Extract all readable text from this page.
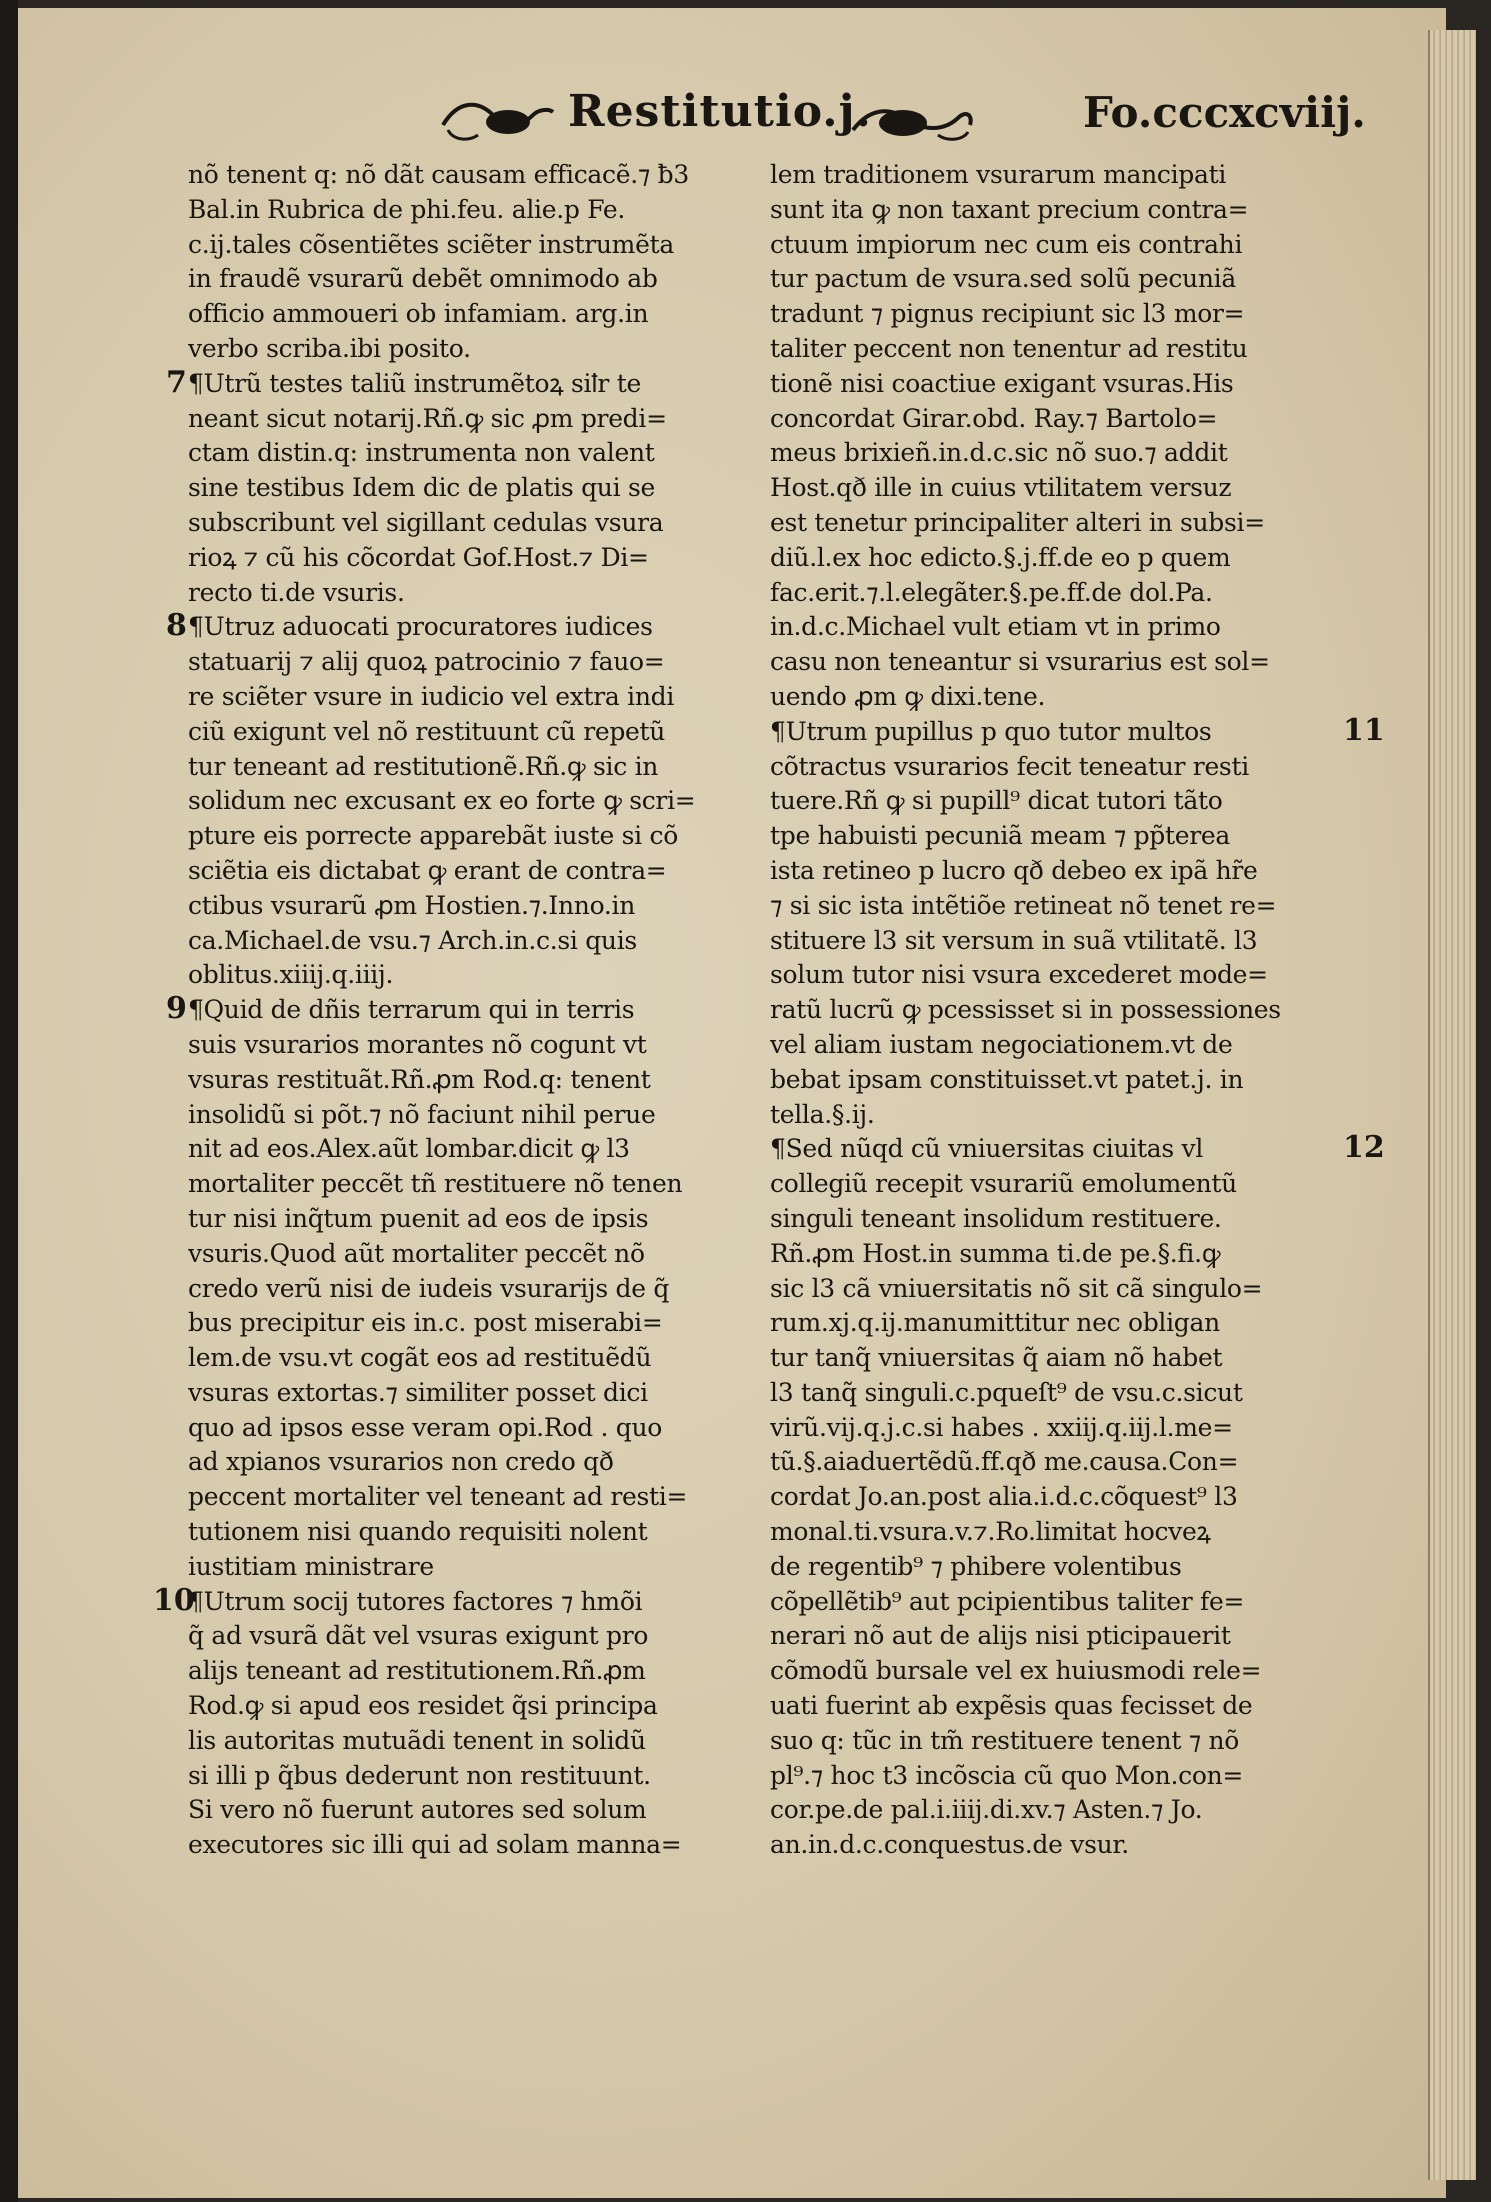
Restitutio.j.	Fo.cccxcviij.
nõ tenent q: nõ dãt causam efficacẽ.⁊ ƀ3
Bal.in Rubrica de phi.feu. alie.p Fe.
c.ij.tales cõsentiẽtes sciẽter instrumẽta
in fraudẽ vsurarũ debẽt omnimodo ab
officio ammoueri ob infamiam. arg.in
verbo scriba.ibi posito.
¶Utrũ testes taliũ instrumẽtoꝝ siꝉr te
neant sicut notarij.Rñ.ꝙ sic ꝓm predi=
ctam distin.q: instrumenta non valent
sine testibus Idem dic de platis qui se
subscribunt vel sigillant cedulas vsura
rioꝝ ⁊ cũ his cõcordat Gof.Host.⁊ Di=
recto ti.de vsuris.
¶Utruz aduocati procuratores iudices
statuarij ⁊ alij quoꝝ patrocinio ⁊ fauo=
re sciẽter vsure in iudicio vel extra indi
ciũ exigunt vel nõ restituunt cũ repetũ
tur teneant ad restitutionẽ.Rñ.ꝙ sic in
solidum nec excusant ex eo forte ꝙ scri=
pture eis porrecte apparebãt iuste si cõ
sciẽtia eis dictabat ꝙ erant de contra=
ctibus vsurarũ ꝓm Hostien.⁊.Inno.in
ca.Michael.de vsu.⁊ Arch.in.c.si quis
oblitus.xiiij.q.iiij.
¶Quid de dñis terrarum qui in terris
suis vsurarios morantes nõ cogunt vt
vsuras restituãt.Rñ.ꝓm Rod.q: tenent
insolidũ si põt.⁊ nõ faciunt nihil perue
nit ad eos.Alex.aũt lombar.dicit ꝙ l3
mortaliter peccẽt tñ restituere nõ tenen
tur nisi inq̃tum puenit ad eos de ipsis
vsuris.Quod aũt mortaliter peccẽt nõ
credo verũ nisi de iudeis vsurarijs de q̃
bus precipitur eis in.c. post miserabi=
lem.de vsu.vt cogãt eos ad restituẽdũ
vsuras extortas.⁊ similiter posset dici
quo ad ipsos esse veram opi.Rod . quo
ad xpianos vsurarios non credo qð
peccent mortaliter vel teneant ad resti=
tutionem nisi quando requisiti nolent
iustitiam ministrare
¶Utrum socij tutores factores ⁊ hmõi
q̃ ad vsurã dãt vel vsuras exigunt pro
alijs teneant ad restitutionem.Rñ.ꝓm
Rod.ꝙ si apud eos residet q̃si principa
lis autoritas mutuãdi tenent in solidũ
si illi p q̃bus dederunt non restituunt.
Si vero nõ fuerunt autores sed solum
executores sic illi qui ad solam manna=
lem traditionem vsurarum mancipati
sunt ita ꝙ non taxant precium contra=
ctuum impiorum nec cum eis contrahi
tur pactum de vsura.sed solũ pecuniã
tradunt ⁊ pignus recipiunt sic l3 mor=
taliter peccent non tenentur ad restitu
tionẽ nisi coactiue exigant vsuras.His
concordat Girar.obd. Ray.⁊ Bartolo=
meus brixieñ.in.d.c.sic nõ suo.⁊ addit
Host.qð ille in cuius vtilitatem versuz
est tenetur principaliter alteri in subsi=
diũ.l.ex hoc edicto.§.j.ff.de eo p quem
fac.erit.⁊.l.elegãter.§.pe.ff.de dol.Pa.
in.d.c.Michael vult etiam vt in primo
casu non teneantur si vsurarius est sol=
uendo ꝓm ꝙ dixi.tene.
¶Utrum pupillus p quo tutor multos
cõtractus vsurarios fecit teneatur resti
tuere.Rñ ꝙ si pupill⁹ dicat tutori tãto
tpe habuisti pecuniã meam ⁊ pp̃terea
ista retineo p lucro qð debeo ex ipã hr̃e
⁊ si sic ista intẽtiõe retineat nõ tenet re=
stituere l3 sit versum in suã vtilitatẽ. l3
solum tutor nisi vsura excederet mode=
ratũ lucrũ ꝙ pcessisset si in possessiones
vel aliam iustam negociationem.vt de
bebat ipsam constituisset.vt patet.j. in
tella.§.ij.
¶Sed nũqd cũ vniuersitas ciuitas vl
collegiũ recepit vsurariũ emolumentũ
singuli teneant insolidum restituere.
Rñ.ꝓm Host.in summa ti.de pe.§.fi.ꝙ
sic l3 cã vniuersitatis nõ sit cã singulo=
rum.xj.q.ij.manumittitur nec obligan
tur tanq̃ vniuersitas q̃ aiam nõ habet
l3 tanq̃ singuli.c.pqueſt⁹ de vsu.c.sicut
virũ.vij.q.j.c.si habes . xxiij.q.iij.l.me=
tũ.§.aiaduertẽdũ.ff.qð me.causa.Con=
cordat Jo.an.post alia.i.d.c.cõquest⁹ l3
monal.ti.vsura.v.⁊.Ro.limitat hocveꝝ
de regentib⁹ ⁊ phibere volentibus
cõpellẽtib⁹ aut pcipientibus taliter fe=
nerari nõ aut de alijs nisi pticipauerit
cõmodũ bursale vel ex huiusmodi rele=
uati fuerint ab expẽsis quas fecisset de
suo q: tũc in tm̃ restituere tenent ⁊ nõ
pl⁹.⁊ hoc t3 incõscia cũ quo Mon.con=
cor.pe.de pal.i.iiij.di.xv.⁊ Asten.⁊ Jo.
an.in.d.c.conquestus.de vsur.
7
8
9
10
11
12
